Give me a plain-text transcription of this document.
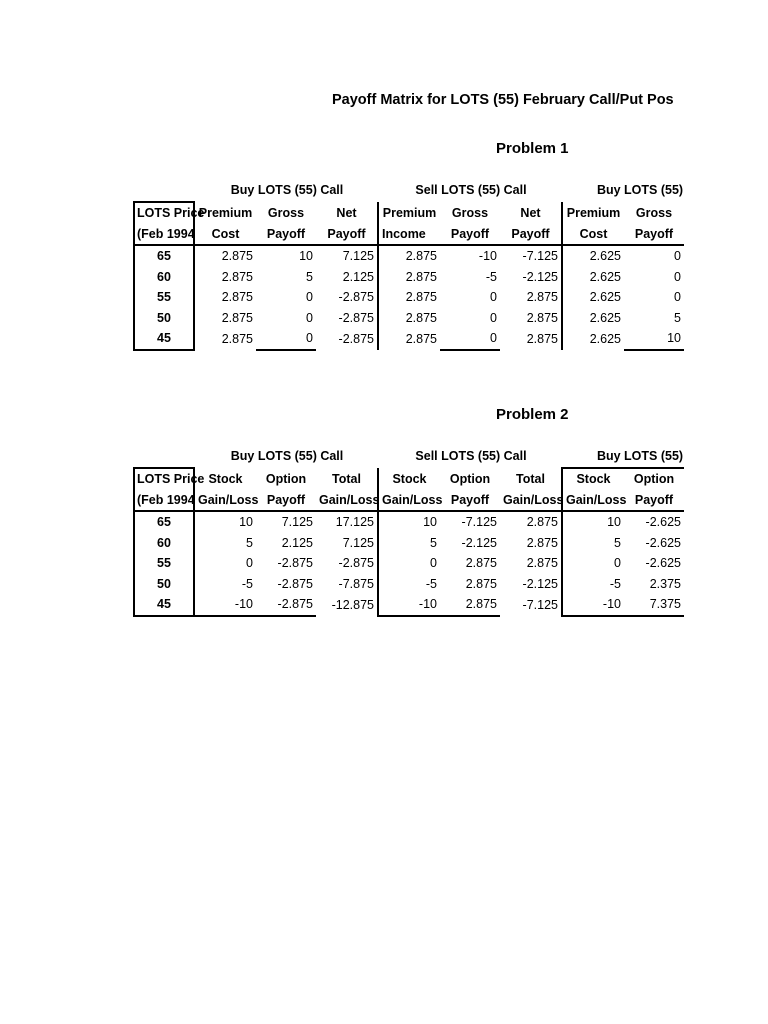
Payoff Matrix for LOTS (55) February Call/Put Pos
Problem 1
Buy LOTS (55) Call	Sell LOTS (55) Call	Buy LOTS (55)
LOTS Price	Premium	Gross	Net	Premium	Gross	Net	Premium	Gross
(Feb 1994	Cost	Payoff	Payoff	Income	Payoff	Payoff	Cost	Payoff
65	2.875	10	7.125	2.875	-10	-7.125	2.625	0
60	2.875	5	2.125	2.875	-5	-2.125	2.625	0
55	2.875	0	-2.875	2.875	0	2.875	2.625	0
50	2.875	0	-2.875	2.875	0	2.875	2.625	5
45	2.875	0	-2.875	2.875	0	2.875	2.625	10
Problem 2
Buy LOTS (55) Call	Sell LOTS (55) Call	Buy LOTS (55)
LOTS Price	Stock	Option	Total	Stock	Option	Total	Stock	Option
(Feb 1994	Gain/Loss	Payoff	Gain/Loss	Gain/Loss	Payoff	Gain/Loss	Gain/Loss	Payoff
65	10	7.125	17.125	10	-7.125	2.875	10	-2.625
60	5	2.125	7.125	5	-2.125	2.875	5	-2.625
55	0	-2.875	-2.875	0	2.875	2.875	0	-2.625
50	-5	-2.875	-7.875	-5	2.875	-2.125	-5	2.375
45	-10	-2.875	-12.875	-10	2.875	-7.125	-10	7.375
